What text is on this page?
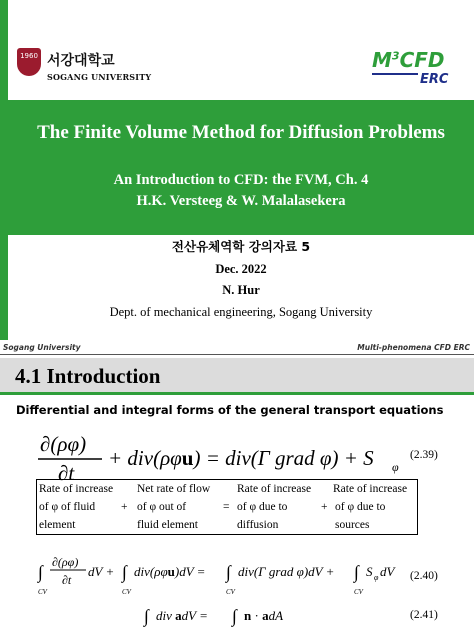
1960 서강대학교
SOGANG UNIVERSITY
$M^3CFD$
ERC
The Finite Volume Method for Diffusion Problems
An Introduction to CFD: the FVM, Ch. 4
H.K. Versteeg & W. Malalasekera
전산유체역학 강의자료 5
Dec. 2022
N. Hur
Dept. of mechanical engineering, Sogang University
Sogang University	Multi-phenomena CFD ERC
4.1 Introduction
Differential and integral forms of the general transport equations
∂(ρφ)
∂t
+ div(ρφu) = div(Γ grad φ) + S φ
(2.39)
Rate of increase
of φ of fluid
element
+
Net rate of flow
of φ out of
fluid element
=
Rate of increase
of φ due to
diffusion
+
Rate of increase
of φ due to
sources
∫
CV
∂(ρφ)
∂t
dV + ∫
CV
div(ρφu)dV = ∫
CV
div(Γ grad φ)dV + ∫
CV
S φ dV (2.40)
∫ div adV = ∫ n · adA	(2.41)
